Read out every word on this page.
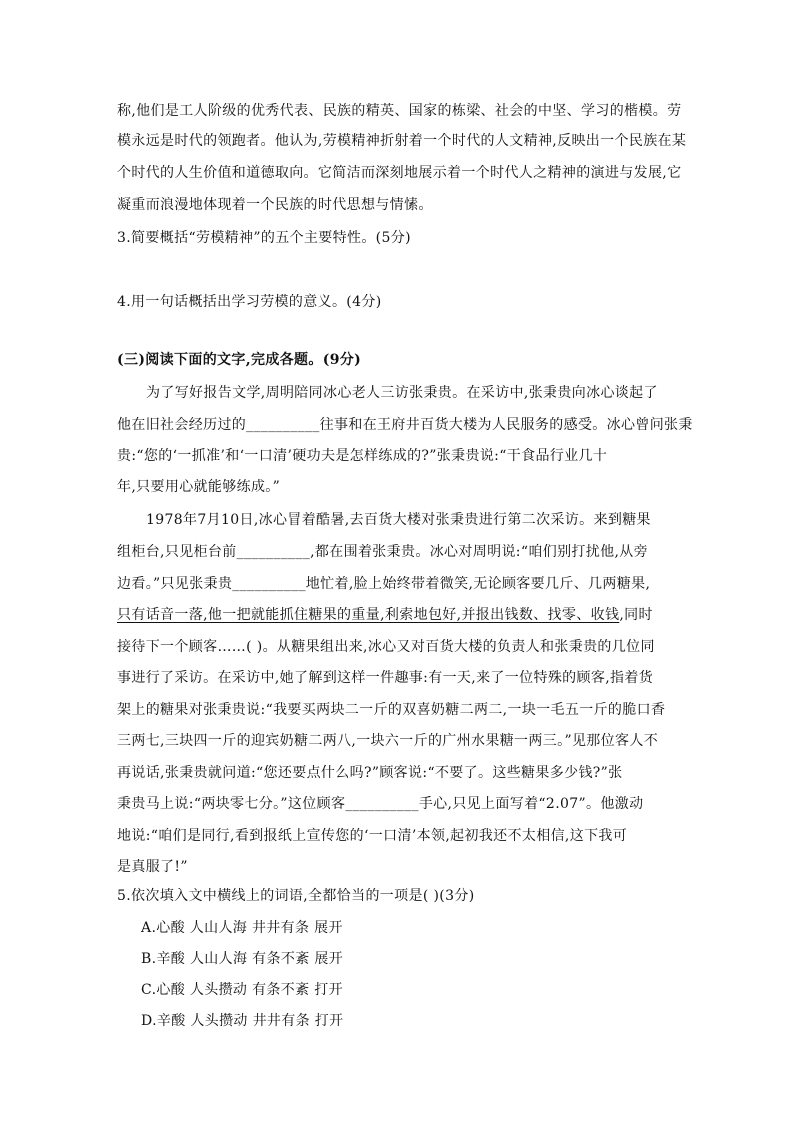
称,他们是工人阶级的优秀代表、民族的精英、国家的栋梁、社会的中坚、学习的楷模。劳
模永远是时代的领跑者。他认为,劳模精神折射着一个时代的人文精神,反映出一个民族在某
个时代的人生价值和道德取向。它简洁而深刻地展示着一个时代人之精神的演进与发展,它
凝重而浪漫地体现着一个民族的时代思想与情愫。
3.简要概括“劳模精神”的五个主要特性。(5分)
4.用一句话概括出学习劳模的意义。(4分)
(三)阅读下面的文字,完成各题。(9分)
为了写好报告文学,周明陪同冰心老人三访张秉贵。在采访中,张秉贵向冰心谈起了
他在旧社会经历过的__________往事和在王府井百货大楼为人民服务的感受。冰心曾问张秉
贵:“您的‘一抓准’和‘一口清’硬功夫是怎样练成的?”张秉贵说:“干食品行业几十
年,只要用心就能够练成。”
1978年7月10日,冰心冒着酷暑,去百货大楼对张秉贵进行第二次采访。来到糖果
组柜台,只见柜台前__________,都在围着张秉贵。冰心对周明说:“咱们别打扰他,从旁
边看。”只见张秉贵__________地忙着,脸上始终带着微笑,无论顾客要几斤、几两糖果,
只有话音一落,他一把就能抓住糖果的重量,利索地包好,并报出钱数、找零、收钱,同时
接待下一个顾客……( )。从糖果组出来,冰心又对百货大楼的负责人和张秉贵的几位同
事进行了采访。在采访中,她了解到这样一件趣事:有一天,来了一位特殊的顾客,指着货
架上的糖果对张秉贵说:“我要买两块二一斤的双喜奶糖二两二,一块一毛五一斤的脆口香
三两七,三块四一斤的迎宾奶糖二两八,一块六一斤的广州水果糖一两三。”见那位客人不
再说话,张秉贵就问道:“您还要点什么吗?”顾客说:“不要了。这些糖果多少钱?”张
秉贵马上说:“两块零七分。”这位顾客__________手心,只见上面写着“2.07”。他激动
地说:“咱们是同行,看到报纸上宣传您的‘一口清’本领,起初我还不太相信,这下我可
是真服了!”
5.依次填入文中横线上的词语,全都恰当的一项是( )(3分)
A.心酸 人山人海 井井有条 展开
B.辛酸 人山人海 有条不紊 展开
C.心酸 人头攒动 有条不紊 打开
D.辛酸 人头攒动 井井有条 打开
